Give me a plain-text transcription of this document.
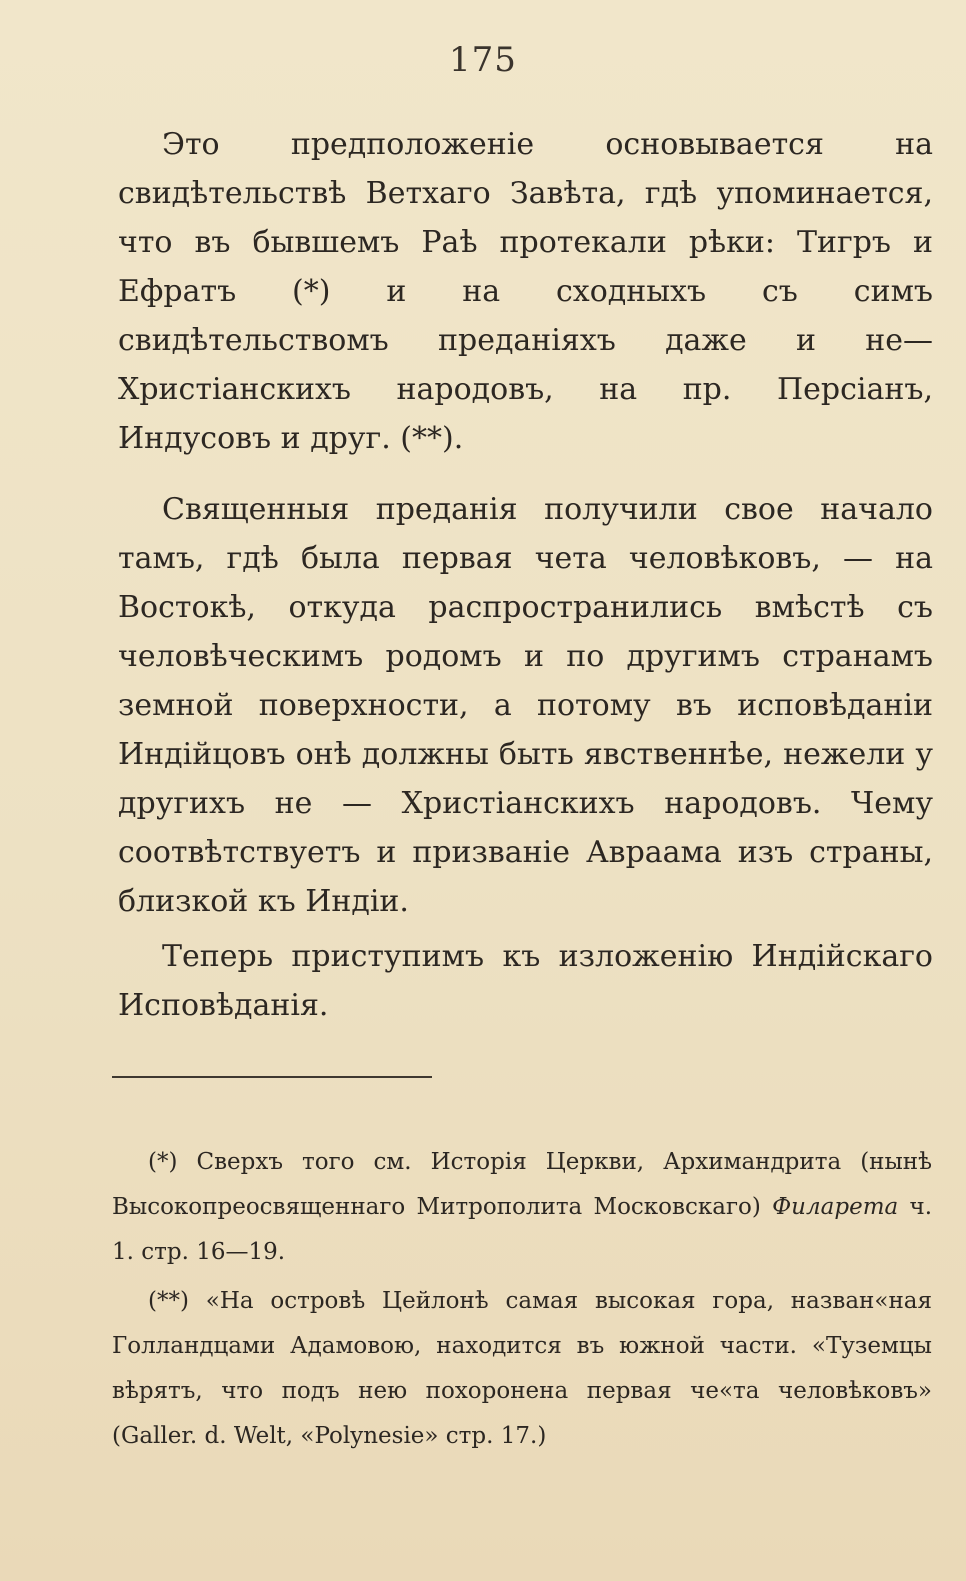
175

Это предположеніе основывается на свидѣтельствѣ Ветхаго Завѣта, гдѣ упоминается, что въ бывшемъ Раѣ протекали рѣки: Тигръ и Ефратъ (*) и на сходныхъ съ симъ свидѣтельствомъ преданіяхъ даже и не—Христіанскихъ народовъ, на пр. Персіанъ, Индусовъ и друг. (**).

Священныя преданія получили свое начало тамъ, гдѣ была первая чета человѣковъ, — на Востокѣ, откуда распространились вмѣстѣ съ человѣческимъ родомъ и по другимъ странамъ земной поверхности, а потому въ исповѣданіи Индійцовъ онѣ должны быть явственнѣе, нежели у другихъ не — Христіанскихъ народовъ. Чему соотвѣтствуетъ и призваніе Авраама изъ страны, близкой къ Индіи.

Теперь приступимъ къ изложенію Индійскаго Исповѣданія.

(*) Сверхъ того см. Исторія Церкви, Архимандрита (нынѣ Высокопреосвященнаго Митрополита Московскаго) Филарета ч. 1. стр. 16—19.

(**) «На островѣ Цейлонѣ самая высокая гора, назван«ная Голландцами Адамовою, находится въ южной части. «Туземцы вѣрятъ, что подъ нею похоронена первая че«та человѣковъ» (Galler. d. Welt, «Polynesie» стр. 17.)
